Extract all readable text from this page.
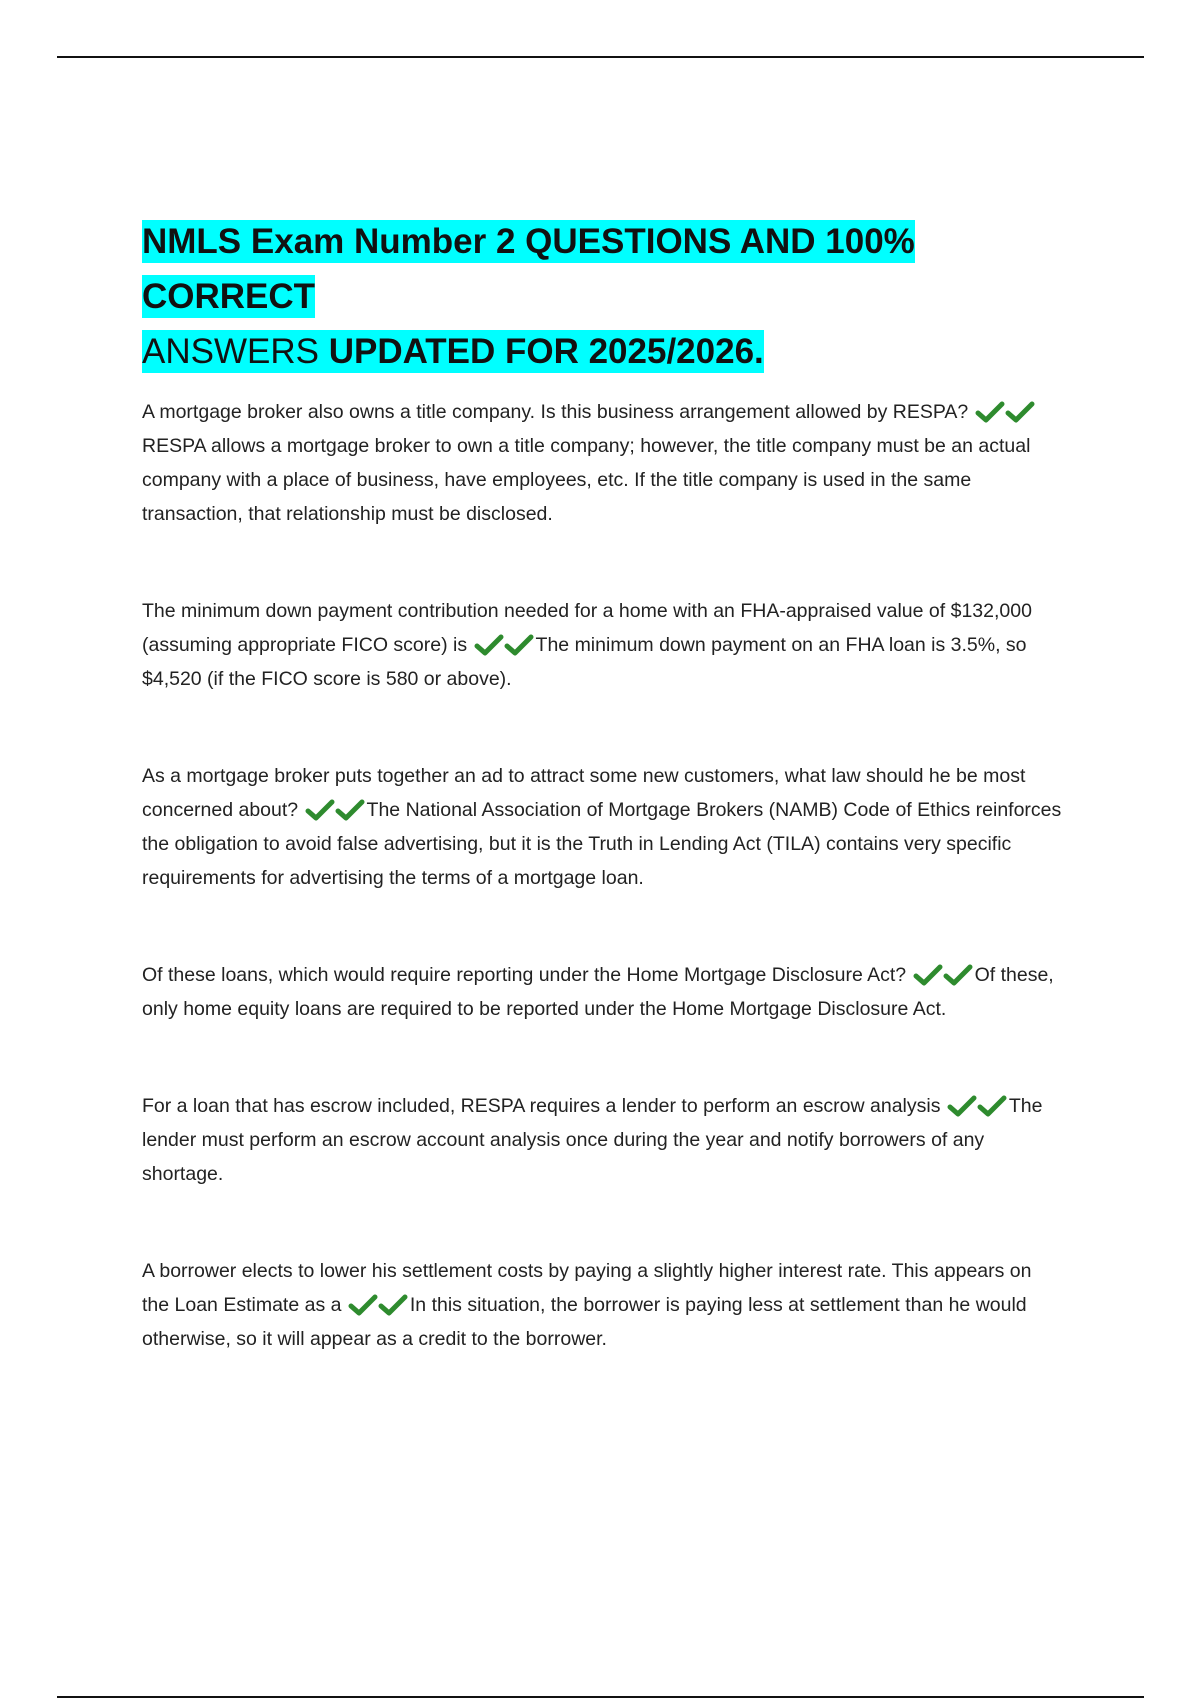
NMLS Exam Number 2 QUESTIONS AND 100% CORRECT
ANSWERS UPDATED FOR 2025/2026.

A mortgage broker also owns a title company. Is this business arrangement allowed by RESPA?
RESPA allows a mortgage broker to own a title company; however, the title company must be an actual company with a place of business, have employees, etc. If the title company is used in the same transaction, that relationship must be disclosed.

The minimum down payment contribution needed for a home with an FHA-appraised value of $132,000 (assuming appropriate FICO score) is	The minimum down payment on an FHA loan is 3.5%, so $4,520 (if the FICO score is 580 or above).

As a mortgage broker puts together an ad to attract some new customers, what law should he be most concerned about?	The National Association of Mortgage Brokers (NAMB) Code of Ethics reinforces the obligation to avoid false advertising, but it is the Truth in Lending Act (TILA) contains very specific requirements for advertising the terms of a mortgage loan.

Of these loans, which would require reporting under the Home Mortgage Disclosure Act?	Of these, only home equity loans are required to be reported under the Home Mortgage Disclosure Act.

For a loan that has escrow included, RESPA requires a lender to perform an escrow analysis	The lender must perform an escrow account analysis once during the year and notify borrowers of any shortage.

A borrower elects to lower his settlement costs by paying a slightly higher interest rate. This appears on the Loan Estimate as a	In this situation, the borrower is paying less at settlement than he would otherwise, so it will appear as a credit to the borrower.
